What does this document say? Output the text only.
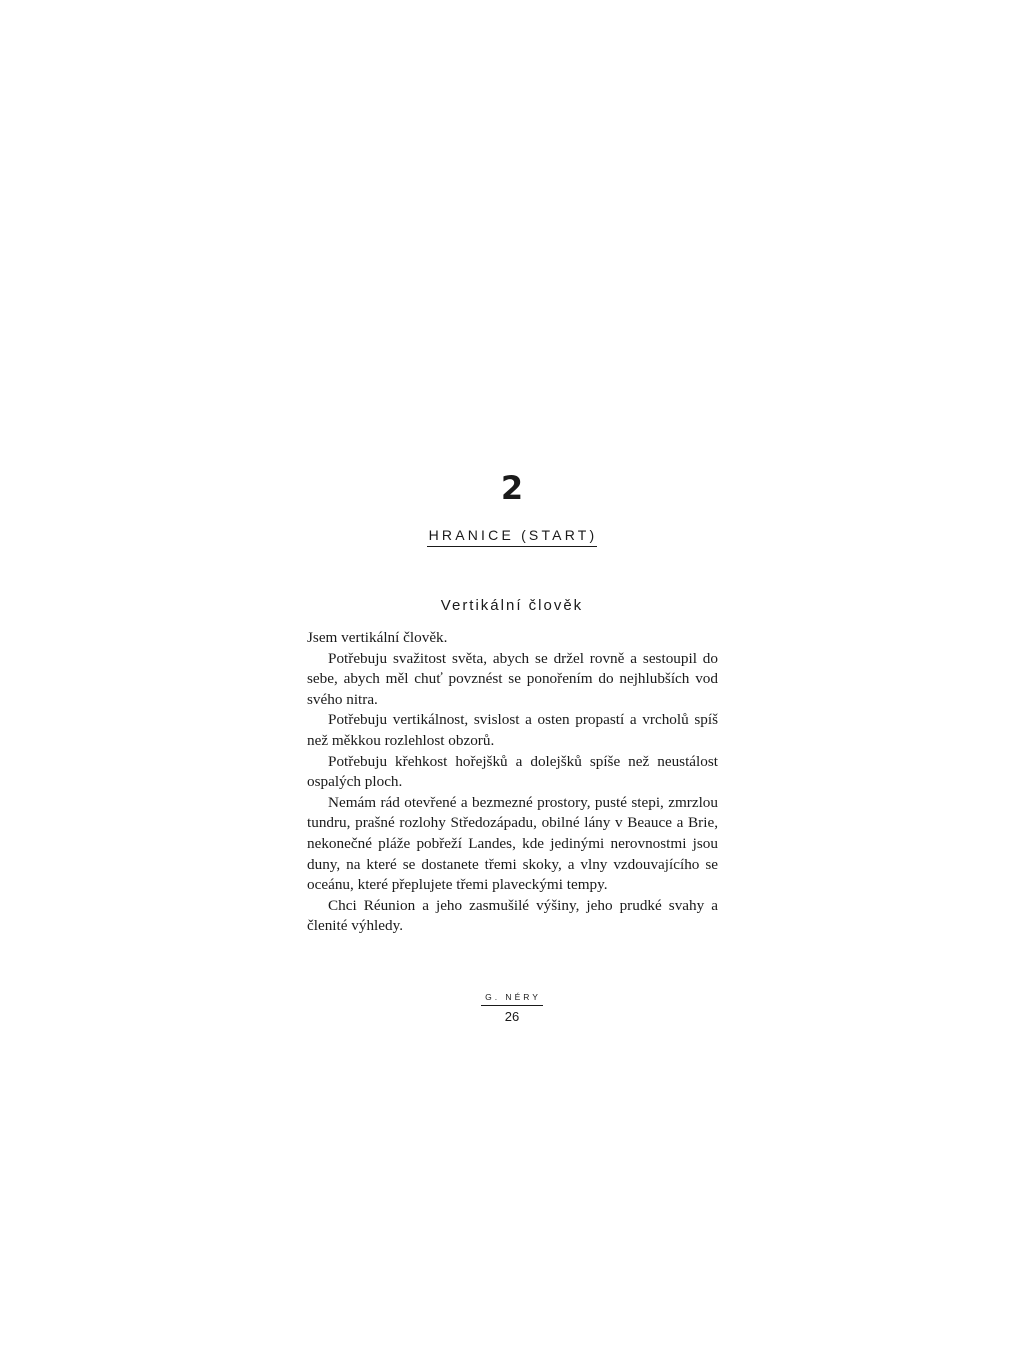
2
HRANICE (START)
Vertikální člověk

Jsem vertikální člověk.

Potřebuju svažitost světa, abych se držel rovně a sestoupil do sebe, abych měl chuť povznést se ponořením do nejhlubších vod svého nitra.

Potřebuju vertikálnost, svislost a osten propastí a vrcholů spíš než měkkou rozlehlost obzorů.

Potřebuju křehkost hořejšků a dolejšků spíše než neustálost ospalých ploch.

Nemám rád otevřené a bezmezné prostory, pusté stepi, zmrzlou tundru, prašné rozlohy Středozápadu, obilné lány v Beauce a Brie, nekonečné pláže pobřeží Landes, kde jedinými nerovnostmi jsou duny, na které se dostanete třemi skoky, a vlny vzdouvajícího se oceánu, které přeplujete třemi plaveckými tempy.

Chci Réunion a jeho zasmušilé výšiny, jeho prudké svahy a členité výhledy.

G. NÉRY
26
